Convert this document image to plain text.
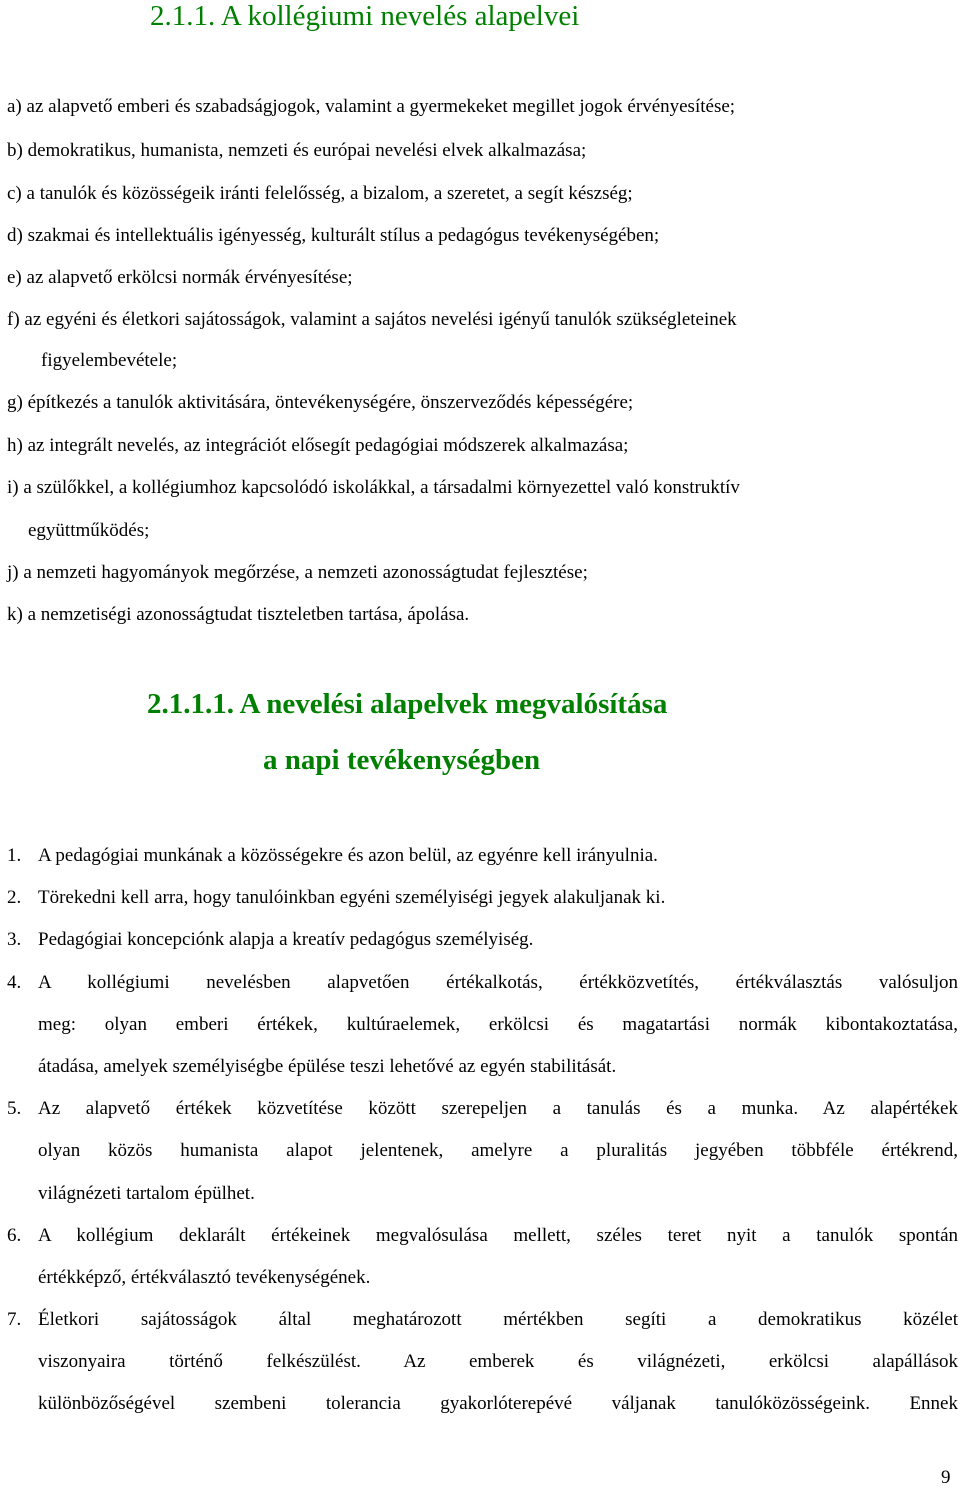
2.1.1. A kollégiumi nevelés alapelvei
a) az alapvető emberi és szabadságjogok, valamint a gyermekeket megillet jogok érvényesítése;
b) demokratikus, humanista, nemzeti és európai nevelési elvek alkalmazása;
c) a tanulók és közösségeik iránti felelősség, a bizalom, a szeretet, a segít készség;
d) szakmai és intellektuális igényesség, kulturált stílus a pedagógus tevékenységében;
e) az alapvető erkölcsi normák érvényesítése;
f) az egyéni és életkori sajátosságok, valamint a sajátos nevelési igényű tanulók szükségleteinek
figyelembevétele;
g) építkezés a tanulók aktivitására, öntevékenységére, önszerveződés képességére;
h) az integrált nevelés, az integrációt elősegít pedagógiai módszerek alkalmazása;
i) a szülőkkel, a kollégiumhoz kapcsolódó iskolákkal, a társadalmi környezettel való konstruktív
együttműködés;
j) a nemzeti hagyományok megőrzése, a nemzeti azonosságtudat fejlesztése;
k) a nemzetiségi azonosságtudat tiszteletben tartása, ápolása.
2.1.1.1. A nevelési alapelvek megvalósítása
a napi tevékenységben
1. A pedagógiai munkának a közösségekre és azon belül, az egyénre kell irányulnia.
2. Törekedni kell arra, hogy tanulóinkban egyéni személyiségi jegyek alakuljanak ki.
3. Pedagógiai koncepciónk alapja a kreatív pedagógus személyiség.
4. A kollégiumi nevelésben alapvetően értékalkotás, értékközvetítés, értékválasztás valósuljon
meg: olyan emberi értékek, kultúraelemek, erkölcsi és magatartási normák kibontakoztatása,
átadása, amelyek személyiségbe épülése teszi lehetővé az egyén stabilitását.
5. Az alapvető értékek közvetítése között szerepeljen a tanulás és a munka. Az alapértékek
olyan közös humanista alapot jelentenek, amelyre a pluralitás jegyében többféle értékrend,
világnézeti tartalom épülhet.
6. A kollégium deklarált értékeinek megvalósulása mellett, széles teret nyit a tanulók spontán
értékképző, értékválasztó tevékenységének.
7. Életkori sajátosságok által meghatározott mértékben segíti a demokratikus közélet
viszonyaira történő felkészülést. Az emberek és világnézeti, erkölcsi alapállások
különbözőségével szembeni tolerancia gyakorlóterepévé váljanak tanulóközösségeink. Ennek
9
